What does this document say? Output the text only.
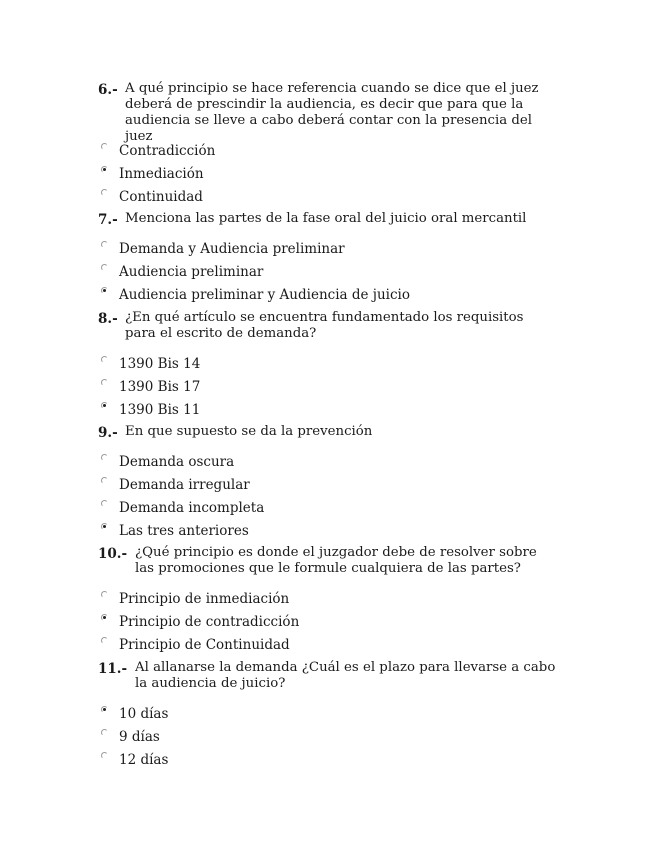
6.- A qué principio se hace referencia cuando se dice que el juez deberá de prescindir la audiencia, es decir que para que la audiencia se lleve a cabo deberá contar con la presencia del juez
Contradicción
Inmediación
Continuidad
7.- Menciona las partes de la fase oral del juicio oral mercantil
Demanda y Audiencia preliminar
Audiencia preliminar
Audiencia preliminar y Audiencia de juicio
8.- ¿En qué artículo se encuentra fundamentado los requisitos para el escrito de demanda?
1390 Bis 14
1390 Bis 17
1390 Bis 11
9.- En que supuesto se da la prevención
Demanda oscura
Demanda irregular
Demanda incompleta
Las tres anteriores
10.- ¿Qué principio es donde el juzgador debe de resolver sobre las promociones que le formule cualquiera de las partes?
Principio de inmediación
Principio de contradicción
Principio de Continuidad
11.- Al allanarse la demanda ¿Cuál es el plazo para llevarse a cabo la audiencia de juicio?
10 días
9 días
12 días
